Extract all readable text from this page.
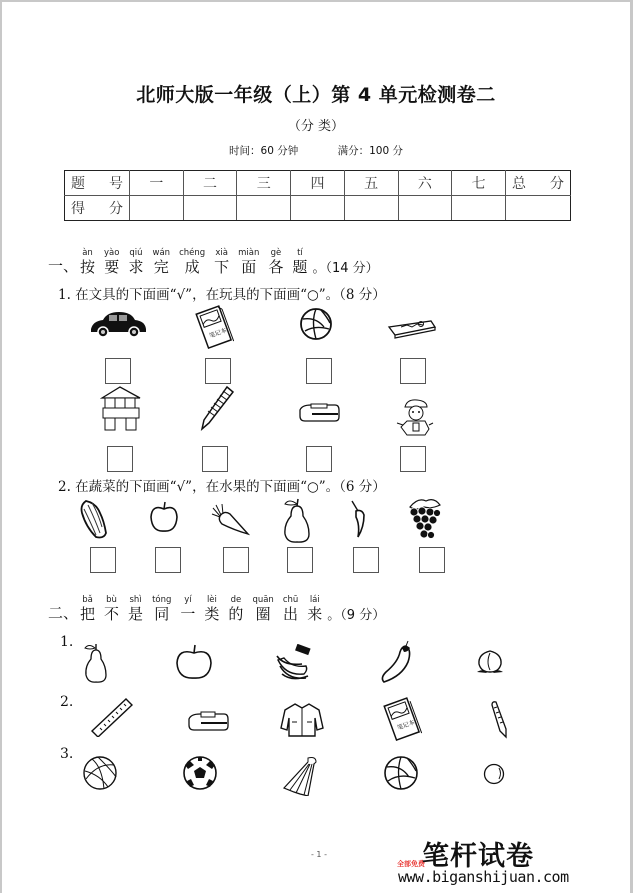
北师大版一年级（上）第 4 单元检测卷二
（分 类）
时间：60 分钟	满分：100 分
题号	一	二	三	四	五	六	七	总分
得分								
一、
àn
按
yào
要
qiú
求
wán
完
chéng
成
xià
下
miàn
面
gè
各
tí
题 。（14 分）
1. 在文具的下面画“√”，在玩具的下面画“○”。（8 分）
笔记本
2. 在蔬菜的下面画“√”，在水果的下面画“○”。（6 分）
二、
bǎ
把
bù
不
shì
是
tóng
同
yí
一
lèi
类
de
的
quān
圈
chū
出
lái
来 。（9 分）
1.
2.
笔记本
3.
- 1 -
全部免费
笔杆试卷
www.biganshijuan.com
